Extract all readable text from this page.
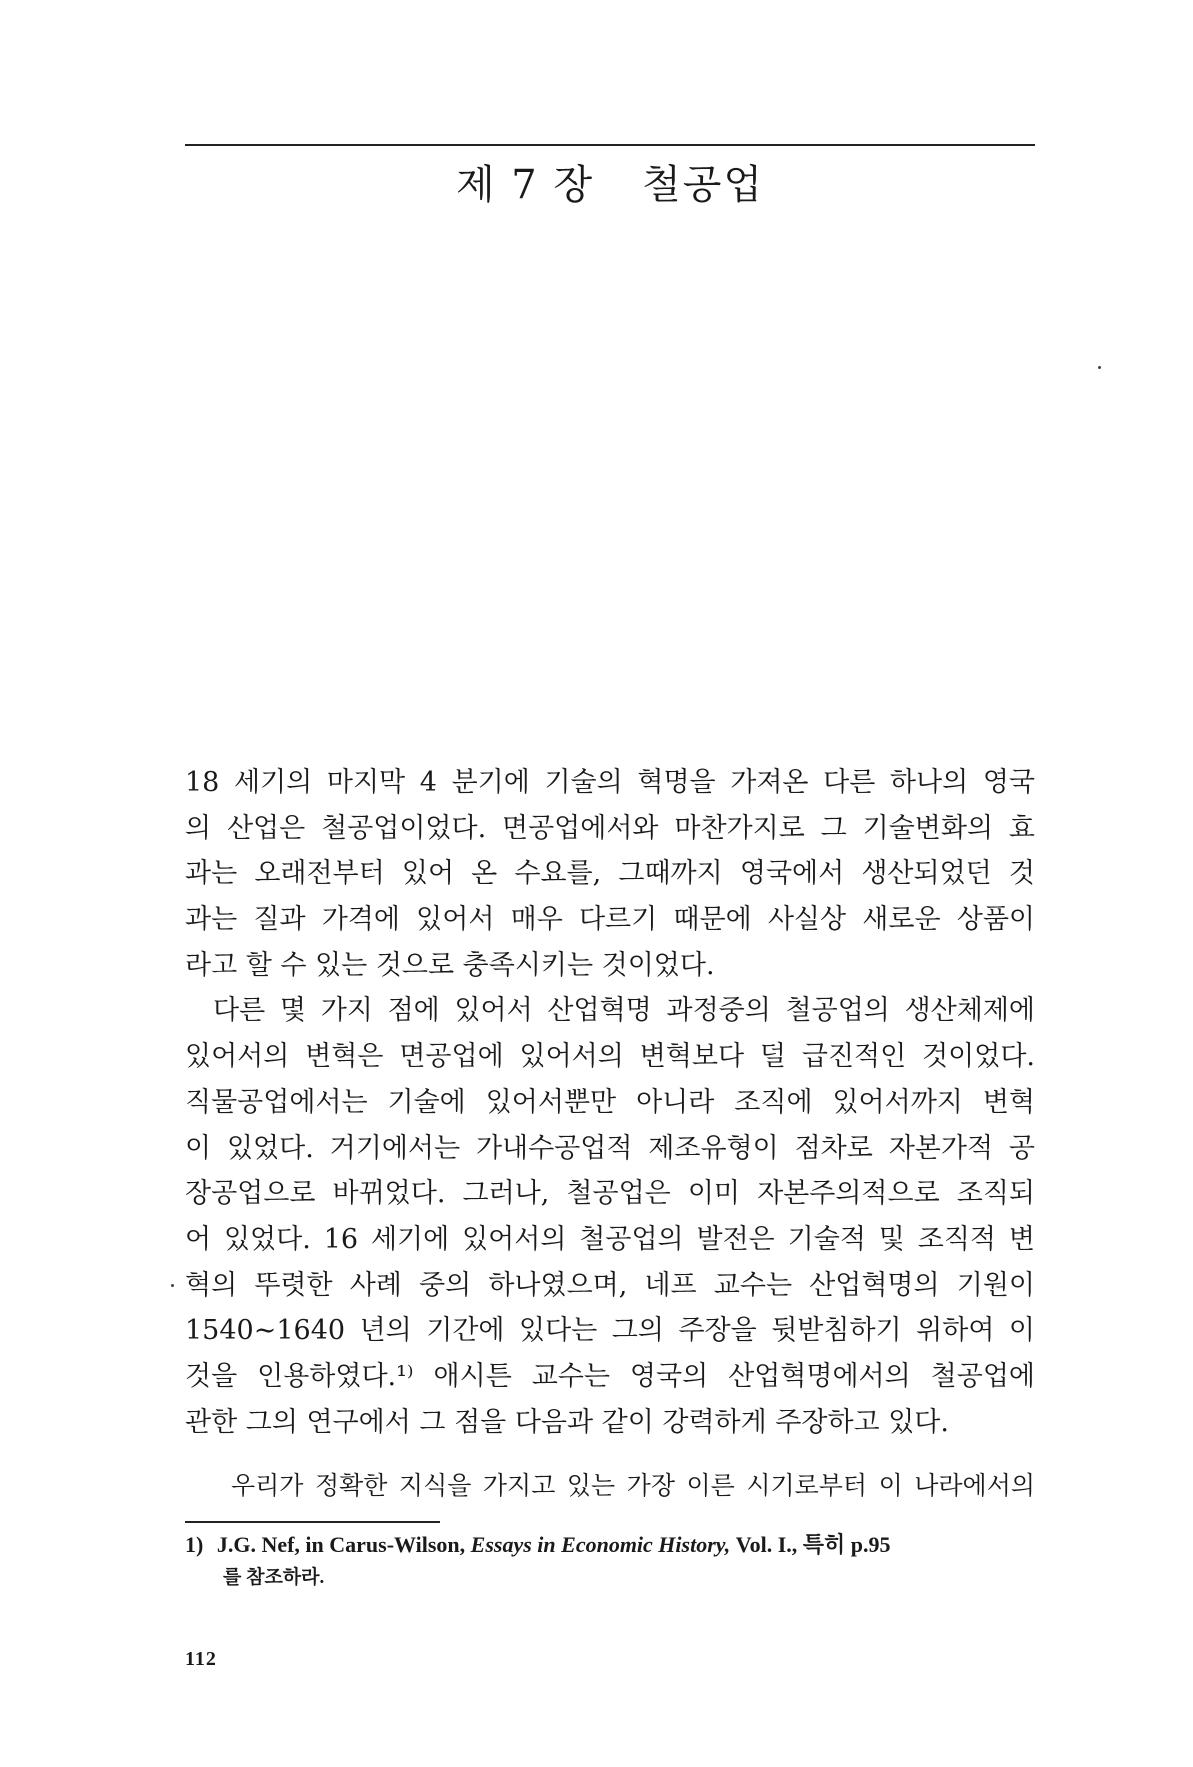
제 7 장 철공업
18 세기의 마지막 4 분기에 기술의 혁명을 가져온 다른 하나의 영국
의 산업은 철공업이었다. 면공업에서와 마찬가지로 그 기술변화의 효
과는 오래전부터 있어 온 수요를, 그때까지 영국에서 생산되었던 것
과는 질과 가격에 있어서 매우 다르기 때문에 사실상 새로운 상품이
라고 할 수 있는 것으로 충족시키는 것이었다.
다른 몇 가지 점에 있어서 산업혁명 과정중의 철공업의 생산체제에
있어서의 변혁은 면공업에 있어서의 변혁보다 덜 급진적인 것이었다.
직물공업에서는 기술에 있어서뿐만 아니라 조직에 있어서까지 변혁
이 있었다. 거기에서는 가내수공업적 제조유형이 점차로 자본가적 공
장공업으로 바뀌었다. 그러나, 철공업은 이미 자본주의적으로 조직되
어 있었다. 16 세기에 있어서의 철공업의 발전은 기술적 및 조직적 변
혁의 뚜렷한 사례 중의 하나였으며, 네프 교수는 산업혁명의 기원이
1540∼1640 년의 기간에 있다는 그의 주장을 뒷받침하기 위하여 이
것을 인용하였다.¹⁾ 애시튼 교수는 영국의 산업혁명에서의 철공업에
관한 그의 연구에서 그 점을 다음과 같이 강력하게 주장하고 있다.
우리가 정확한 지식을 가지고 있는 가장 이른 시기로부터 이 나라에서의
1) J.G. Nef, in Carus-Wilson, Essays in Economic History, Vol. I., 특히 p.95
를 참조하라.
112
